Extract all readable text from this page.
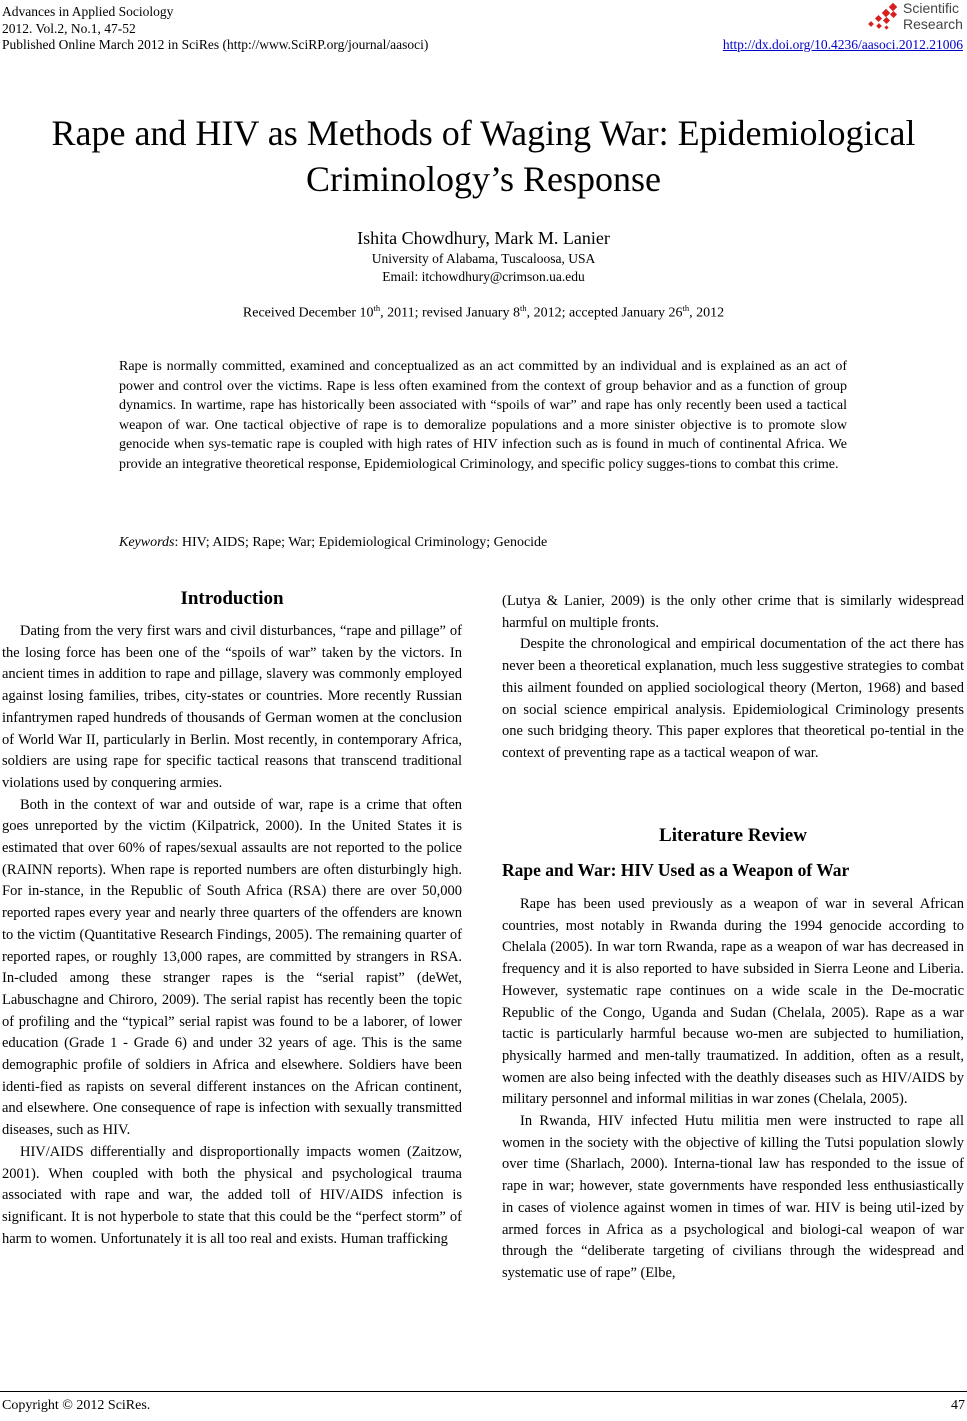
Advances in Applied Sociology
2012. Vol.2, No.1, 47-52
Published Online March 2012 in SciRes (http://www.SciRP.org/journal/aasoci)
Scientific
Research
http://dx.doi.org/10.4236/aasoci.2012.21006
Rape and HIV as Methods of Waging War: Epidemiological
Criminology’s Response
Ishita Chowdhury, Mark M. Lanier
University of Alabama, Tuscaloosa, USA
Email: itchowdhury@crimson.ua.edu
Received December 10th, 2011; revised January 8th, 2012; accepted January 26th, 2012
Rape is normally committed, examined and conceptualized as an act committed by an individual and is explained as an act of power and control over the victims. Rape is less often examined from the context of group behavior and as a function of group dynamics. In wartime, rape has historically been associated with “spoils of war” and rape has only recently been used a tactical weapon of war. One tactical objective of rape is to demoralize populations and a more sinister objective is to promote slow genocide when sys-tematic rape is coupled with high rates of HIV infection such as is found in much of continental Africa. We provide an integrative theoretical response, Epidemiological Criminology, and specific policy sugges-tions to combat this crime.
Keywords: HIV; AIDS; Rape; War; Epidemiological Criminology; Genocide
Introduction

Dating from the very first wars and civil disturbances, “rape and pillage” of the losing force has been one of the “spoils of war” taken by the victors. In ancient times in addition to rape and pillage, slavery was commonly employed against losing families, tribes, city-states or countries. More recently Russian infantrymen raped hundreds of thousands of German women at the conclusion of World War II, particularly in Berlin. Most recently, in contemporary Africa, soldiers are using rape for specific tactical reasons that transcend traditional violations used by conquering armies.

Both in the context of war and outside of war, rape is a crime that often goes unreported by the victim (Kilpatrick, 2000). In the United States it is estimated that over 60% of rapes/sexual assaults are not reported to the police (RAINN reports). When rape is reported numbers are often disturbingly high. For in-stance, in the Republic of South Africa (RSA) there are over 50,000 reported rapes every year and nearly three quarters of the offenders are known to the victim (Quantitative Research Findings, 2005). The remaining quarter of reported rapes, or roughly 13,000 rapes, are committed by strangers in RSA. In-cluded among these stranger rapes is the “serial rapist” (deWet, Labuschagne and Chiroro, 2009). The serial rapist has recently been the topic of profiling and the “typical” serial rapist was found to be a laborer, of lower education (Grade 1 - Grade 6) and under 32 years of age. This is the same demographic profile of soldiers in Africa and elsewhere. Soldiers have been identi-fied as rapists on several different instances on the African continent, and elsewhere. One consequence of rape is infection with sexually transmitted diseases, such as HIV.

HIV/AIDS differentially and disproportionally impacts women (Zaitzow, 2001). When coupled with both the physical and psychological trauma associated with rape and war, the added toll of HIV/AIDS infection is significant. It is not hyperbole to state that this could be the “perfect storm” of harm to women. Unfortunately it is all too real and exists. Human trafficking

(Lutya & Lanier, 2009) is the only other crime that is similarly widespread harmful on multiple fronts.

Despite the chronological and empirical documentation of the act there has never been a theoretical explanation, much less suggestive strategies to combat this ailment founded on applied sociological theory (Merton, 1968) and based on social science empirical analysis. Epidemiological Criminology presents one such bridging theory. This paper explores that theoretical po-tential in the context of preventing rape as a tactical weapon of war.

Literature Review
Rape and War: HIV Used as a Weapon of War

Rape has been used previously as a weapon of war in several African countries, most notably in Rwanda during the 1994 genocide according to Chelala (2005). In war torn Rwanda, rape as a weapon of war has decreased in frequency and it is also reported to have subsided in Sierra Leone and Liberia. However, systematic rape continues on a wide scale in the De-mocratic Republic of the Congo, Uganda and Sudan (Chelala, 2005). Rape as a war tactic is particularly harmful because wo-men are subjected to humiliation, physically harmed and men-tally traumatized. In addition, often as a result, women are also being infected with the deathly diseases such as HIV/AIDS by military personnel and informal militias in war zones (Chelala, 2005).

In Rwanda, HIV infected Hutu militia men were instructed to rape all women in the society with the objective of killing the Tutsi population slowly over time (Sharlach, 2000). Interna-tional law has responded to the issue of rape in war; however, state governments have responded less enthusiastically in cases of violence against women in times of war. HIV is being util-ized by armed forces in Africa as a psychological and biologi-cal weapon of war through the “deliberate targeting of civilians through the widespread and systematic use of rape” (Elbe,

Copyright © 2012 SciRes.	47
